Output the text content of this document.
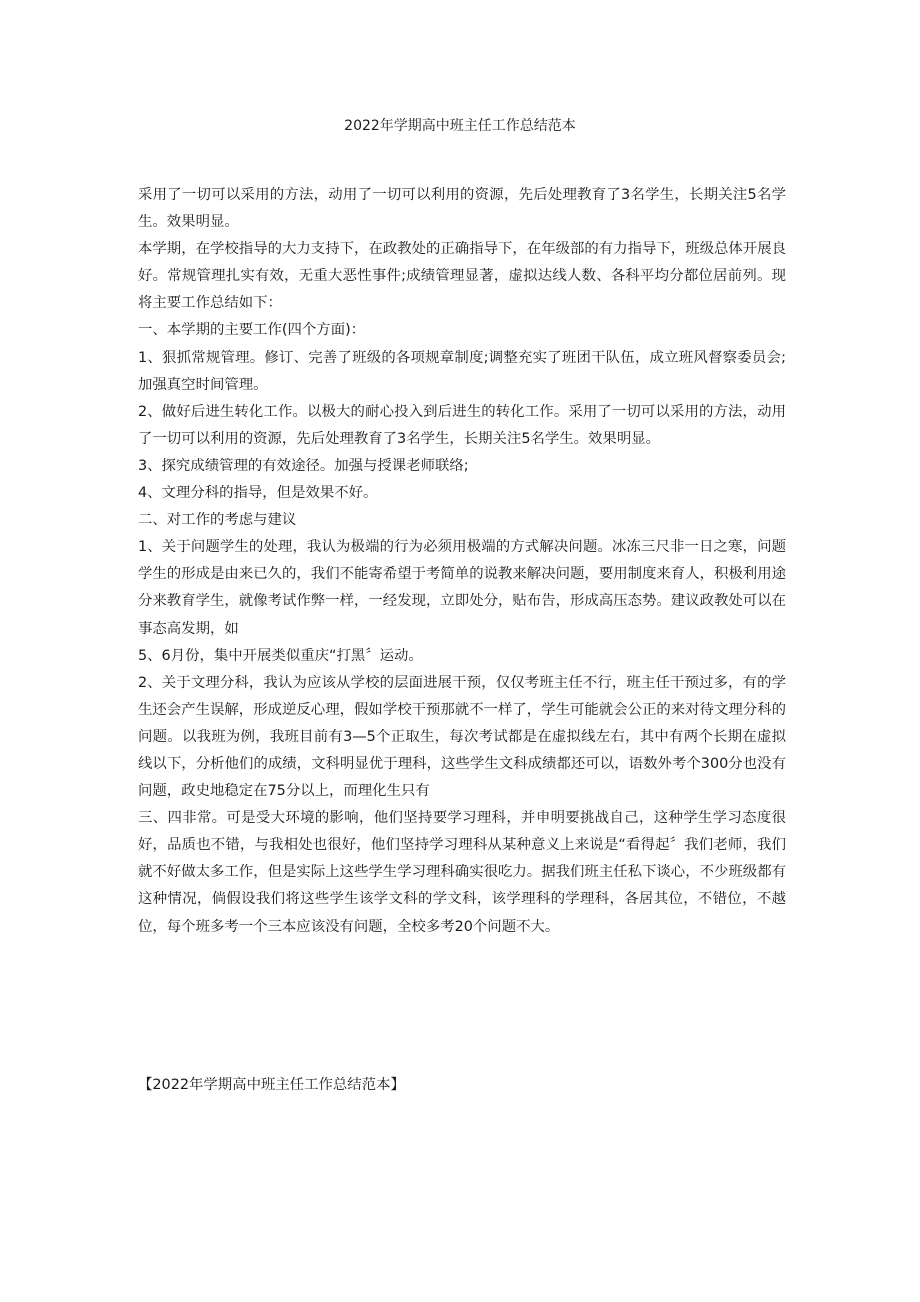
2022年学期高中班主任工作总结范本

采用了一切可以采用的方法，动用了一切可以利用的资源，先后处理教育了3名学生，长期关注5名学生。效果明显。

本学期，在学校指导的大力支持下，在政教处的正确指导下，在年级部的有力指导下，班级总体开展良好。常规管理扎实有效，无重大恶性事件;成绩管理显著，虚拟达线人数、各科平均分都位居前列。现将主要工作总结如下：

一、本学期的主要工作(四个方面)：

1、狠抓常规管理。修订、完善了班级的各项规章制度;调整充实了班团干队伍，成立班风督察委员会;加强真空时间管理。

2、做好后进生转化工作。以极大的耐心投入到后进生的转化工作。采用了一切可以采用的方法，动用了一切可以利用的资源，先后处理教育了3名学生，长期关注5名学生。效果明显。

3、探究成绩管理的有效途径。加强与授课老师联络;

4、文理分科的指导，但是效果不好。

二、对工作的考虑与建议

1、关于问题学生的处理，我认为极端的行为必须用极端的方式解决问题。冰冻三尺非一日之寒，问题学生的形成是由来已久的，我们不能寄希望于考简单的说教来解决问题，要用制度来育人，积极利用途分来教育学生，就像考试作弊一样，一经发现，立即处分，贴布告，形成高压态势。建议政教处可以在事态高发期，如

5、6月份，集中开展类似重庆“打黑〞运动。

2、关于文理分科，我认为应该从学校的层面进展干预，仅仅考班主任不行，班主任干预过多，有的学生还会产生误解，形成逆反心理，假如学校干预那就不一样了，学生可能就会公正的来对待文理分科的问题。以我班为例，我班目前有3—5个正取生，每次考试都是在虚拟线左右，其中有两个长期在虚拟线以下，分析他们的成绩，文科明显优于理科，这些学生文科成绩都还可以，语数外考个300分也没有问题，政史地稳定在75分以上，而理化生只有

三、四非常。可是受大环境的影响，他们坚持要学习理科，并申明要挑战自己，这种学生学习态度很好，品质也不错，与我相处也很好，他们坚持学习理科从某种意义上来说是“看得起〞我们老师，我们就不好做太多工作，但是实际上这些学生学习理科确实很吃力。据我们班主任私下谈心，不少班级都有这种情况，倘假设我们将这些学生该学文科的学文科，该学理科的学理科，各居其位，不错位，不越位，每个班多考一个三本应该没有问题，全校多考20个问题不大。

【2022年学期高中班主任工作总结范本】
